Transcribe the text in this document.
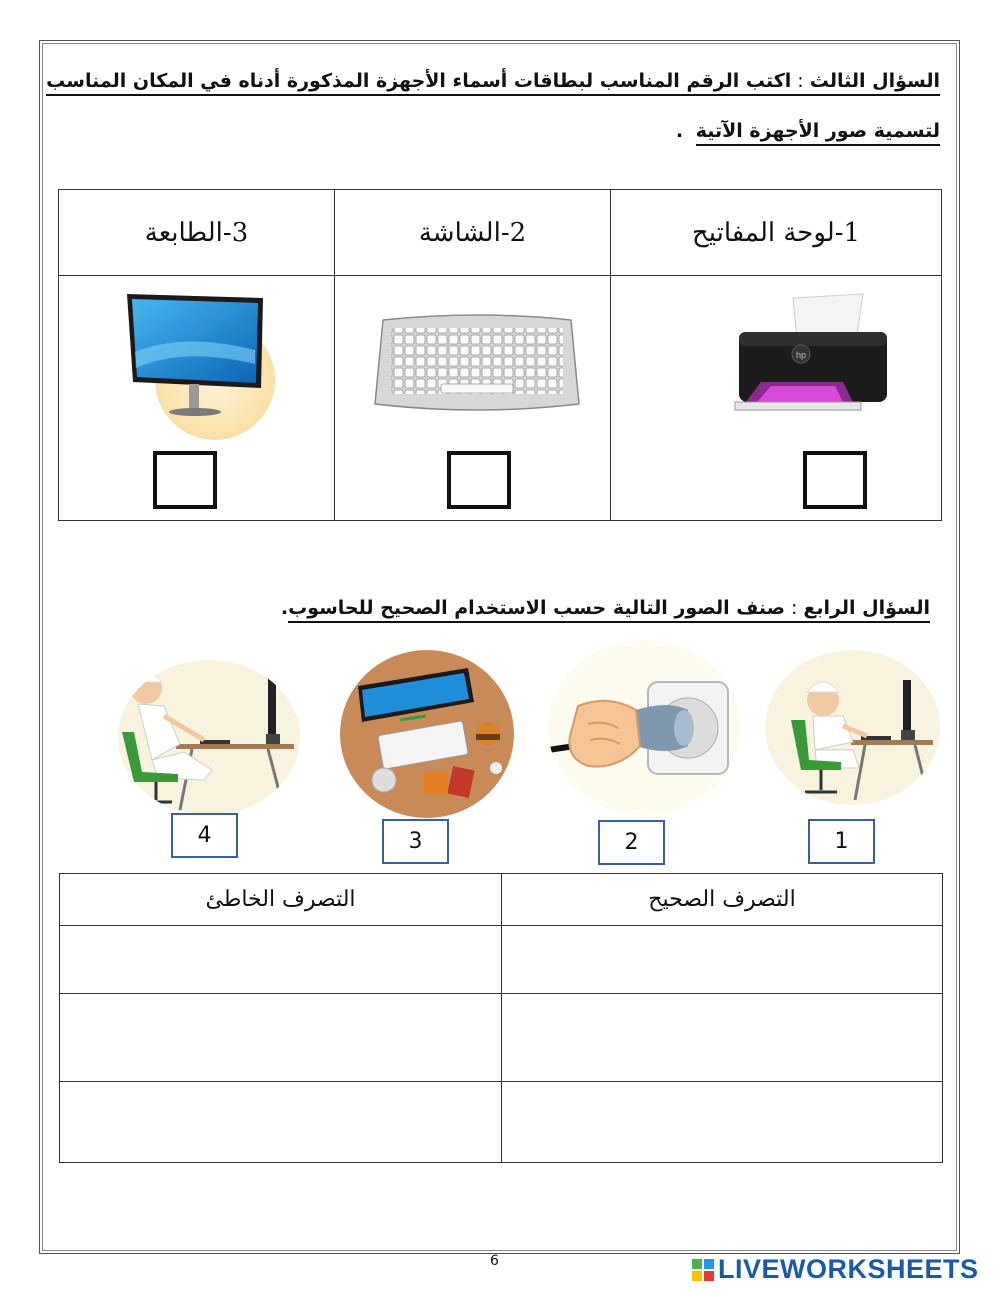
السؤال الثالث:اكتب الرقم المناسب لبطاقات أسماء الأجهزة المذكورة أدناه في المكان المناسب
لتسمية صور الأجهزة الآتية .
1-لوحة المفاتيح
2-الشاشة
3-الطابعة
hp
السؤال الرابع:صنف الصور التالية حسب الاستخدام الصحيح للحاسوب.
1
2
3
4
التصرف الصحيح
التصرف الخاطئ
6	LIVEWORKSHEETS
